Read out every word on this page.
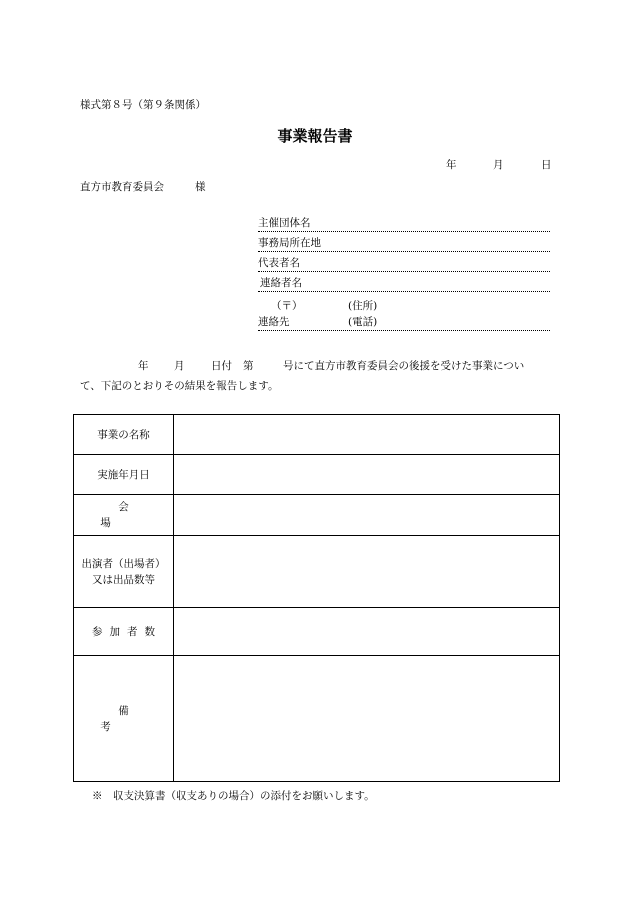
様式第８号（第９条関係）
事業報告書
年	月	日
直方市教育委員会	様
主催団体名
事務局所在地
代表者名
連絡者名
（〒）	(住所)
連絡先	(電話)
年 月	日付 第	号にて直方市教育委員会の後援を受けた事業につい
て、下記のとおりその結果を報告します。
事業の名称	
実施年月日	
会場	

出演者（出場者）
又は出品数等	

参加者数	
備考	
※　収支決算書（収支ありの場合）の添付をお願いします。
